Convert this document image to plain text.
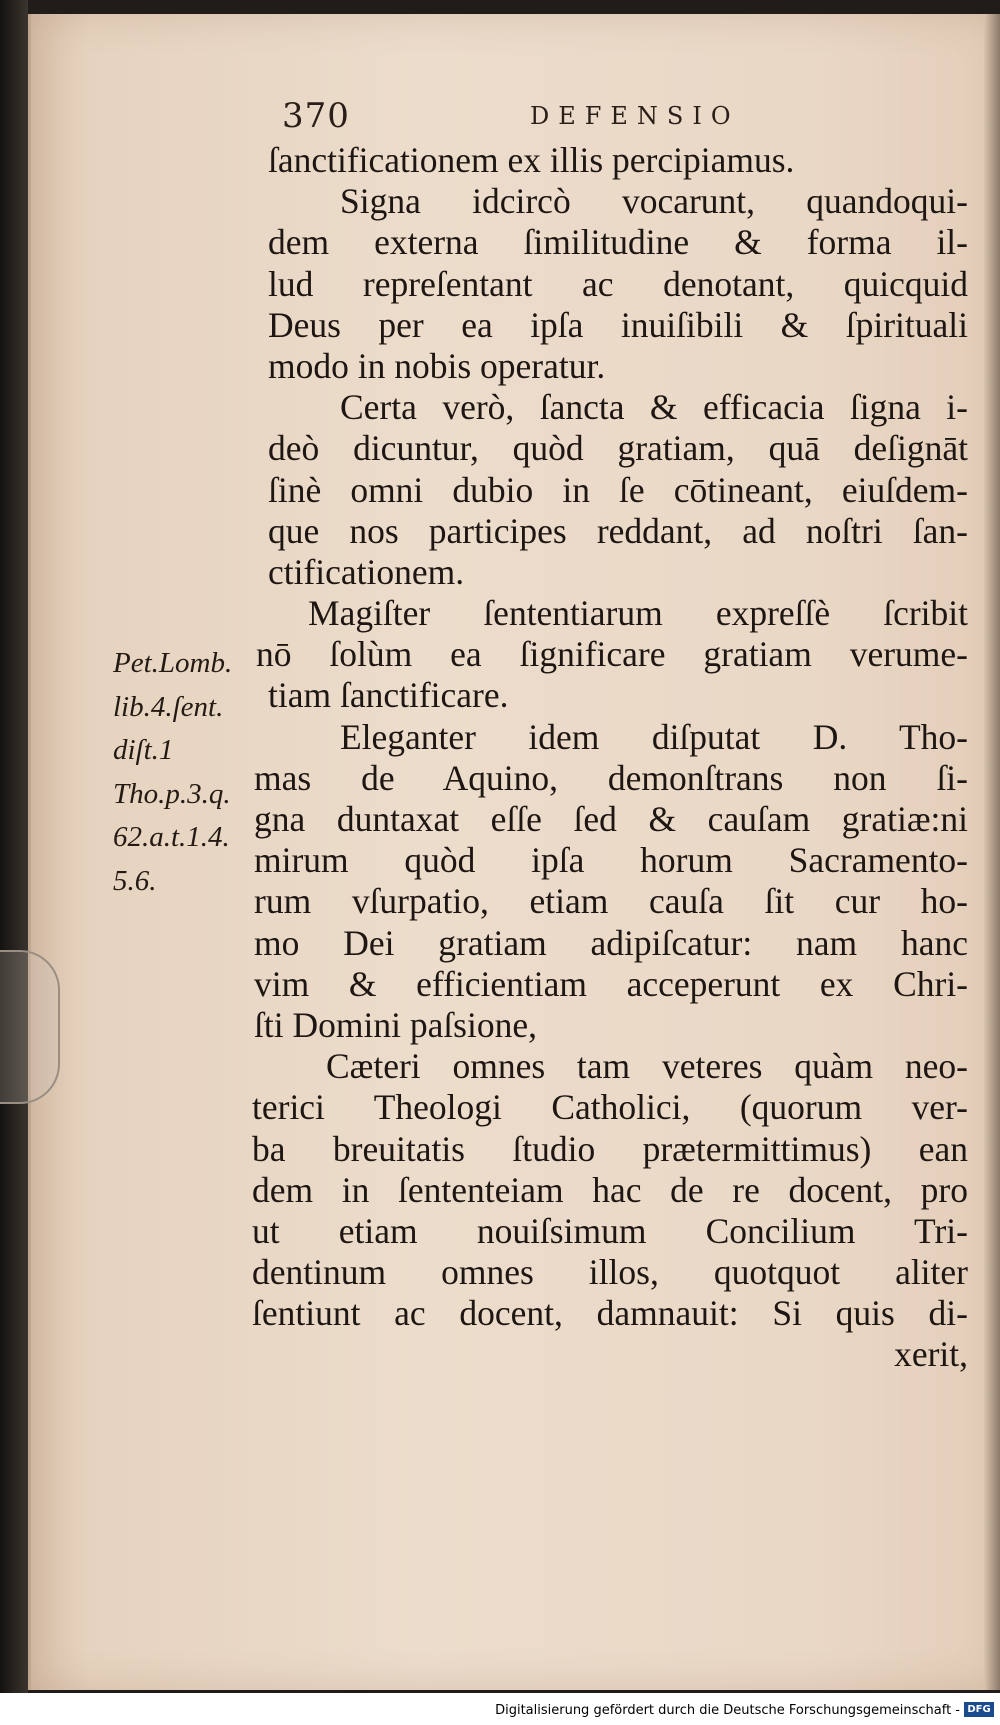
370	DEFENSIO
ſanctificationem ex illis percipiamus.
Signa idcircò vocarunt, quandoqui-
dem externa ſimilitudine & forma il-
lud repreſentant ac denotant, quicquid
Deus per ea ipſa inuiſibili & ſpirituali
modo in nobis operatur.
Certa verò, ſancta & efficacia ſigna i-
deò dicuntur, quòd gratiam, quā deſignāt
ſinè omni dubio in ſe cōtineant, eiuſdem-
que nos participes reddant, ad noſtri ſan-
ctificationem.
Magiſter ſententiarum expreſſè ſcribit
nō ſolùm ea ſignificare gratiam verume-
tiam ſanctificare.
Eleganter idem diſputat D. Tho-
mas de Aquino, demonſtrans non ſi-
gna duntaxat eſſe ſed & cauſam gratiæ:ni
mirum quòd ipſa horum Sacramento-
rum vſurpatio, etiam cauſa ſit cur ho-
mo Dei gratiam adipiſcatur: nam hanc
vim & efficientiam acceperunt ex Chri-
ſti Domini paſsione,
Cæteri omnes tam veteres quàm neo-
terici Theologi Catholici, (quorum ver-
ba breuitatis ſtudio prætermittimus) ean
dem in ſententeiam hac de re docent, pro
ut etiam nouiſsimum Concilium Tri-
dentinum omnes illos, quotquot aliter
ſentiunt ac docent, damnauit: Si quis di-
xerit,
Pet.Lomb.
lib.4.ſent.
diſt.1
Tho.p.3.q.
62.a.t.1.4.
5.6.
Digitalisierung gefördert durch die Deutsche Forschungsgemeinschaft - DFG
